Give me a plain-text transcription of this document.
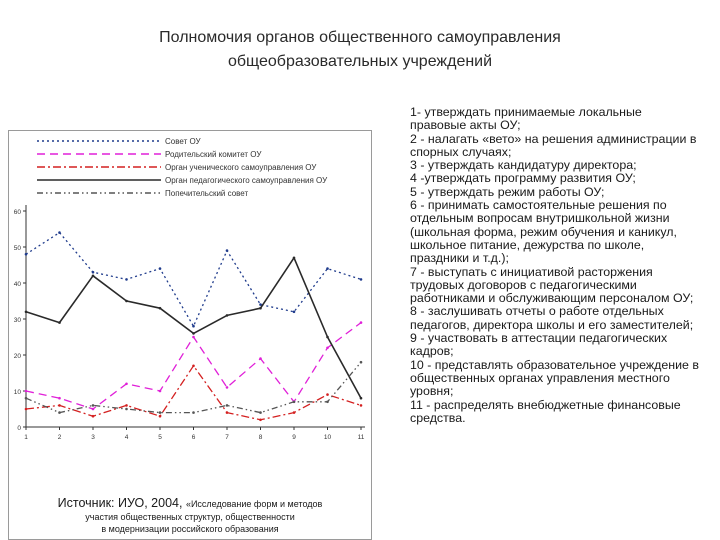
Полномочия органов общественного самоуправления
общеобразовательных учреждений
0
10
20
30
40
50
60
1	2	3	4	5	6	7	8	9	10	11
Совет ОУ
Родительский комитет ОУ
Орган ученического самоуправления ОУ
Орган педагогического самоуправления ОУ
Попечительский совет
Источник: ИУО, 2004, «Исследование форм и методов
участия общественных структур, общественности
в модернизации российского образования

1- утверждать принимаемые локальные правовые акты ОУ;

2 - налагать «вето» на решения администрации в спорных случаях;

3 - утверждать кандидатуру директора;

4 -утверждать программу развития ОУ;

5 - утверждать режим работы ОУ;

6 - принимать самостоятельные решения по отдельным вопросам внутришкольной жизни (школьная форма, режим обучения и каникул, школьное питание, дежурства по школе, праздники и т.д.);

7 - выступать с инициативой расторжения трудовых договоров с педагогическими работниками и обслуживающим персоналом ОУ;

8 - заслушивать отчеты о работе отдельных педагогов, директора школы и его заместителей;

9 - участвовать в аттестации педагогических кадров;

10 - представлять образовательное учреждение в общественных органах управления местного уровня;

11 - распределять внебюджетные финансовые средства.
